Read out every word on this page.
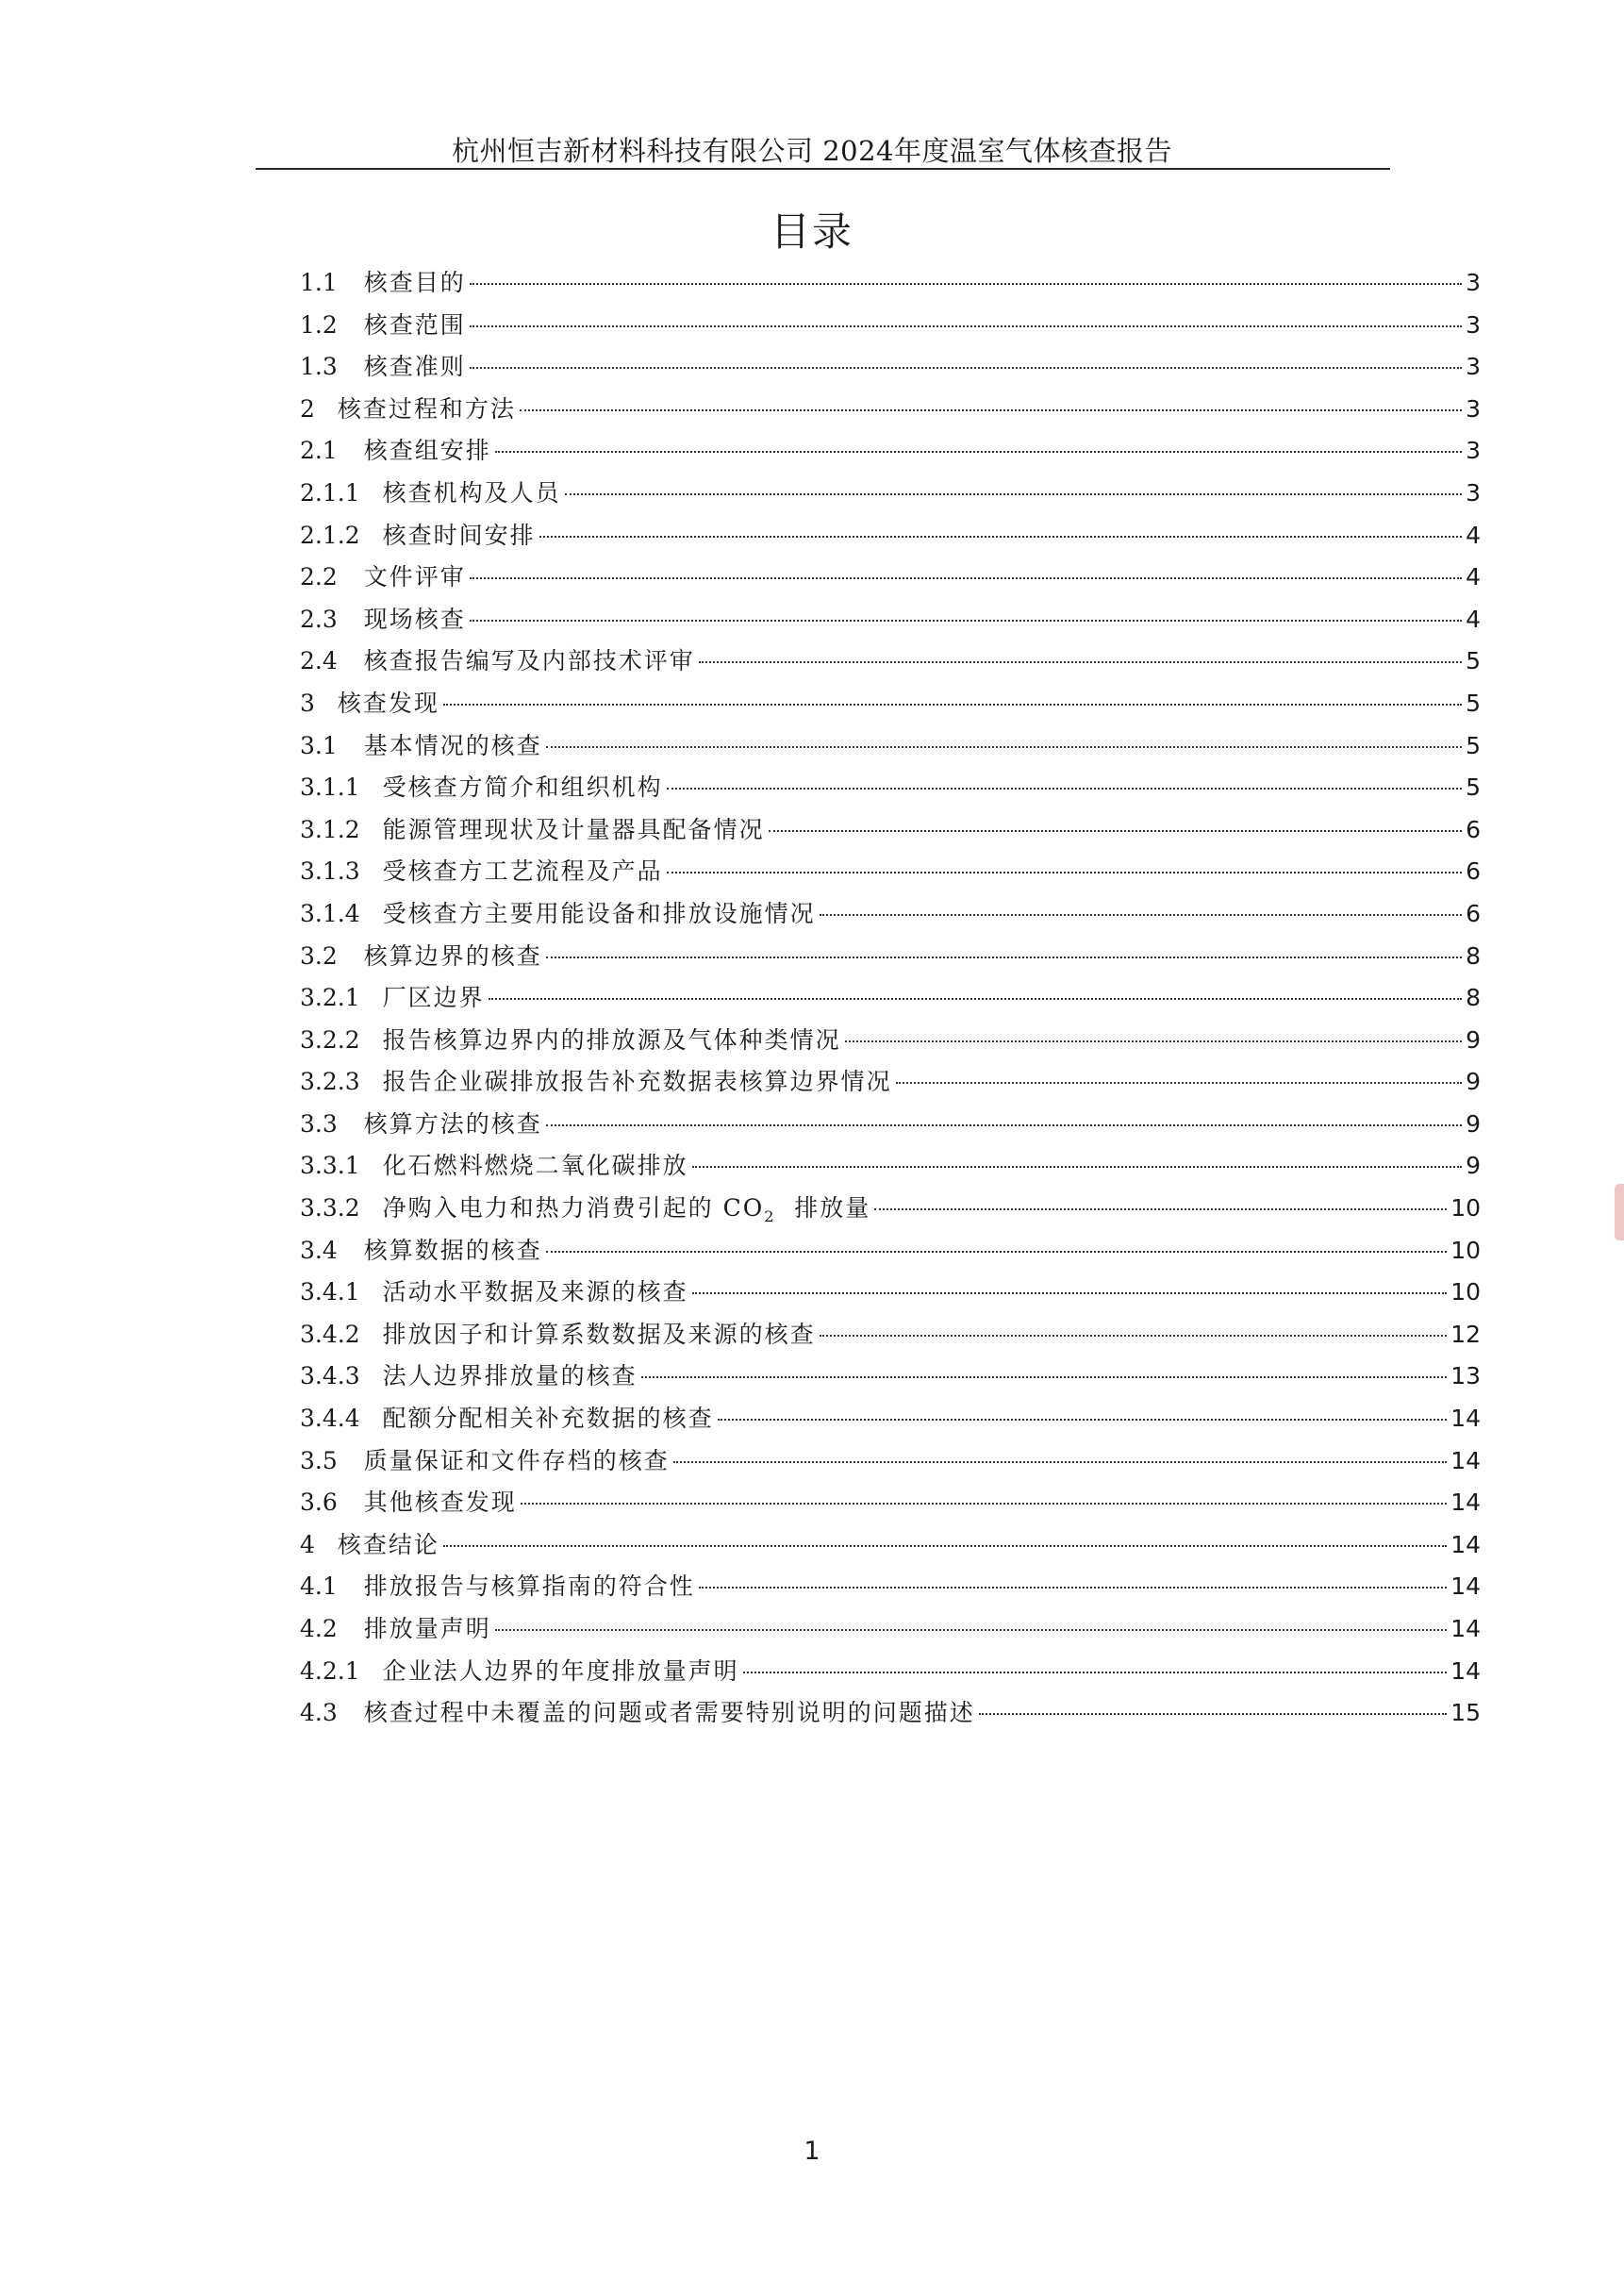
杭州恒吉新材料科技有限公司 2024年度温室气体核查报告
目录
1.1 核查目的	3
1.2 核查范围	3
1.3 核查准则	3
2 核查过程和方法	3
2.1 核查组安排	3
2.1.1 核查机构及人员	3
2.1.2 核查时间安排	4
2.2 文件评审	4
2.3 现场核查	4
2.4 核查报告编写及内部技术评审	5
3 核查发现	5
3.1 基本情况的核查	5
3.1.1 受核查方简介和组织机构	5
3.1.2 能源管理现状及计量器具配备情况	6
3.1.3 受核查方工艺流程及产品	6
3.1.4 受核查方主要用能设备和排放设施情况	6
3.2 核算边界的核查	8
3.2.1 厂区边界	8
3.2.2 报告核算边界内的排放源及气体种类情况	9
3.2.3 报告企业碳排放报告补充数据表核算边界情况	9
3.3 核算方法的核查	9
3.3.1 化石燃料燃烧二氧化碳排放	9
3.3.2 净购入电力和热力消费引起的 $CO_2$  排放量	10
3.4 核算数据的核查	10
3.4.1 活动水平数据及来源的核查	10
3.4.2 排放因子和计算系数数据及来源的核查	12
3.4.3 法人边界排放量的核查	13
3.4.4 配额分配相关补充数据的核查	14
3.5 质量保证和文件存档的核查	14
3.6 其他核查发现	14
4 核查结论	14
4.1 排放报告与核算指南的符合性	14
4.2 排放量声明	14
4.2.1 企业法人边界的年度排放量声明	14
4.3 核查过程中未覆盖的问题或者需要特别说明的问题描述	15
1
